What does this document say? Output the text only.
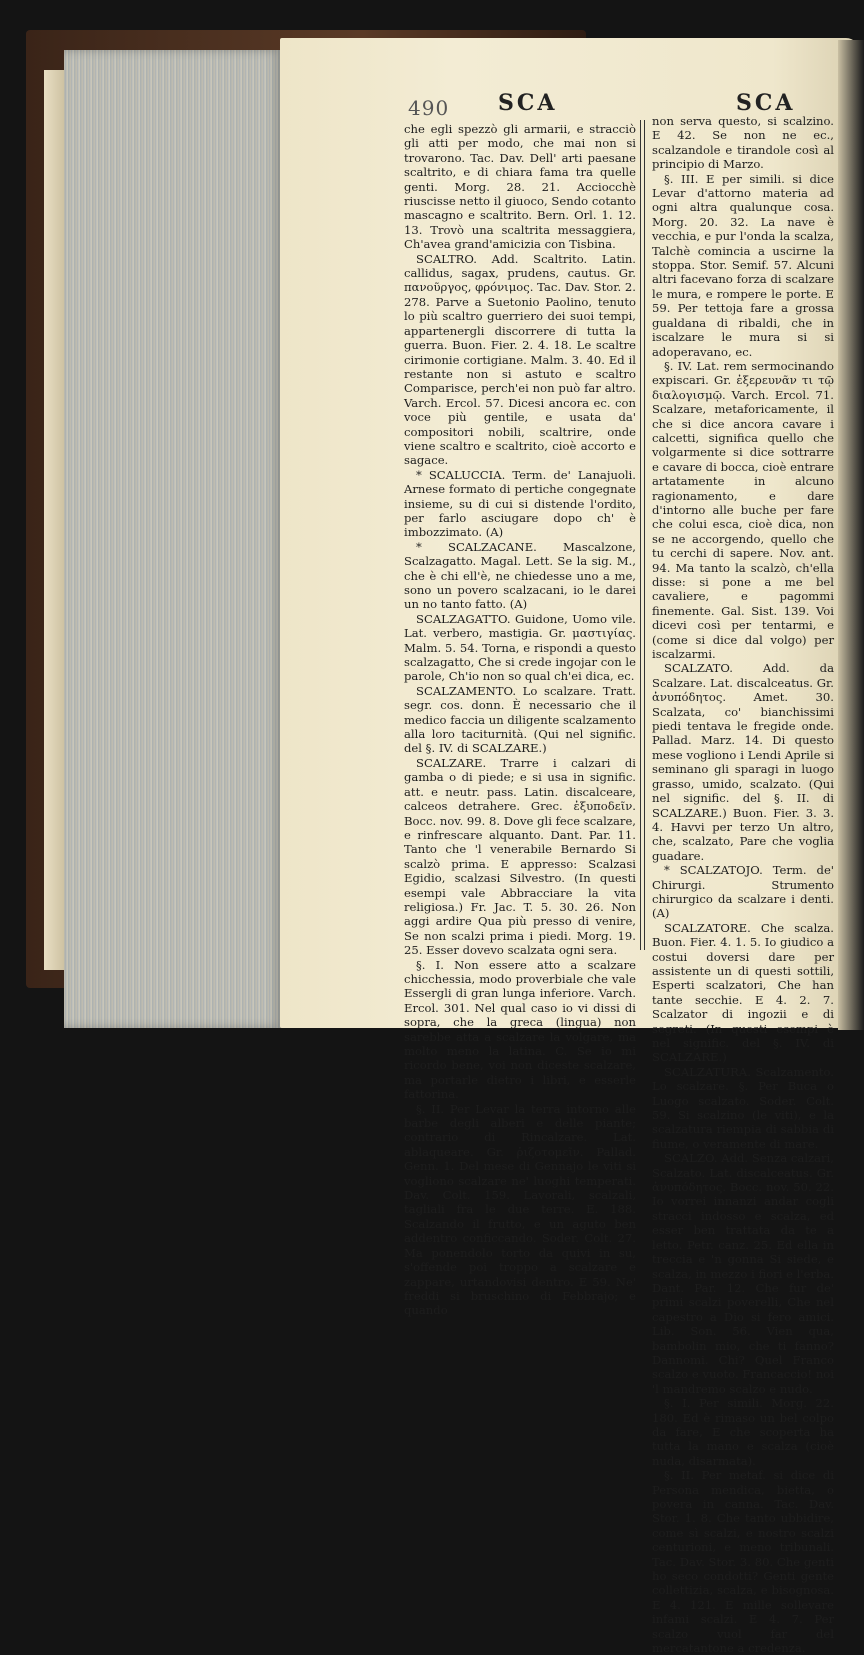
490 SCA	SCA

che egli spezzò gli armarii, e stracciò gli atti per modo, che mai non si trovarono. Tac. Dav. Dell' arti paesane scaltrito, e di chiara fama tra quelle genti. Morg. 28. 21. Acciocchè riuscisse netto il giuoco, Sendo cotanto mascagno e scaltrito. Bern. Orl. 1. 12. 13. Trovò una scaltrita messaggiera, Ch'avea grand'amicizia con Tisbina.

SCALTRO. Add. Scaltrito. Latin. callidus, sagax, prudens, cautus. Gr. πανοῦργος, φρόνιμος. Tac. Dav. Stor. 2. 278. Parve a Suetonio Paolino, tenuto lo più scaltro guerriero dei suoi tempi, appartenergli discorrere di tutta la guerra. Buon. Fier. 2. 4. 18. Le scaltre cirimonie cortigiane. Malm. 3. 40. Ed il restante non si astuto e scaltro Comparisce, perch'ei non può far altro. Varch. Ercol. 57. Dicesi ancora ec. con voce più gentile, e usata da' compositori nobili, scaltrire, onde viene scaltro e scaltrito, cioè accorto e sagace.

* SCALUCCIA. Term. de' Lanajuoli. Arnese formato di pertiche congegnate insieme, su di cui si distende l'ordito, per farlo asciugare dopo ch' è imbozzimato. (A)

* SCALZACANE. Mascalzone, Scalzagatto. Magal. Lett. Se la sig. M., che è chi ell'è, ne chiedesse uno a me, sono un povero scalzacani, io le darei un no tanto fatto. (A)

SCALZAGATTO. Guidone, Uomo vile. Lat. verbero, mastigia. Gr. μαστιγίας. Malm. 5. 54. Torna, e rispondi a questo scalzagatto, Che si crede ingojar con le parole, Ch'io non so qual ch'ei dica, ec.

SCALZAMENTO. Lo scalzare. Tratt. segr. cos. donn. È necessario che il medico faccia un diligente scalzamento alla loro taciturnità. (Qui nel signific. del §. IV. di SCALZARE.)

SCALZARE. Trarre i calzari di gamba o di piede; e si usa in signific. att. e neutr. pass. Latin. discalceare, calceos detrahere. Grec. ἐξυποδεῖν. Bocc. nov. 99. 8. Dove gli fece scalzare, e rinfrescare alquanto. Dant. Par. 11. Tanto che 'l venerabile Bernardo Si scalzò prima. E appresso: Scalzasi Egidio, scalzasi Silvestro. (In questi esempi vale Abbracciare la vita religiosa.) Fr. Jac. T. 5. 30. 26. Non aggi ardire Qua più presso di venire, Se non scalzi prima i piedi. Morg. 19. 25. Esser dovevo scalzata ogni sera.

§. I. Non essere atto a scalzare chicchessia, modo proverbiale che vale Essergli di gran lunga inferiore. Varch. Ercol. 301. Nel qual caso io vi dissi di sopra, che la greca (lingua) non sarebbe atta a scalzare la volgare, ma molto meno la latina. C. Se io mi ricordo bene, voi non diceste scalzare, ma portarle dietro i libri, e esserle fattorina.

§. II. Per Levar la terra intorno alle barbe degli alberi e delle piante; contrario di Rincalzare. Lat. ablaqueare. Gr. ῥιζοτομεῖν. Pallad. Genn. 1. Del mese di Gennajo le viti si vogliono scalzare ne' luoghi temperati. Dav. Colt. 159. Lavorali, scalzali, tagliali fra le due terre. E. 188. Scalzando il frutto, e un aguto ben addentro conficcando. Soder. Colt. 27. Ma ponendolo torto da quivi in su, s'offende poi troppo a scalzare e zappare, urtandovisi dentro. E 59. Ne' freddi si bruschino di Febbrajo; e quando

non serva questo, si scalzino. E 42. Se non ne ec., scalzandole e tirandole così al principio di Marzo.

§. III. E per simili. si dice Levar d'attorno materia ad ogni altra qualunque cosa. Morg. 20. 32. La nave è vecchia, e pur l'onda la scalza, Talchè comincia a uscirne la stoppa. Stor. Semif. 57. Alcuni altri facevano forza di scalzare le mura, e rompere le porte. E 59. Per tettoja fare a grossa gualdana di ribaldi, che in iscalzare le mura si si adoperavano, ec.

§. IV. Lat. rem sermocinando expiscari. Gr. ἐξερευνᾶν τι τῷ διαλογισμῷ. Varch. Ercol. 71. Scalzare, metaforicamente, il che si dice ancora cavare i calcetti, significa quello che volgarmente si dice sottrarre e cavare di bocca, cioè entrare artatamente in alcuno ragionamento, e dare d'intorno alle buche per fare che colui esca, cioè dica, non se ne accorgendo, quello che tu cerchi di sapere. Nov. ant. 94. Ma tanto la scalzò, ch'ella disse: si pone a me bel cavaliere, e pagommi finemente. Gal. Sist. 139. Voi dicevi così per tentarmi, e (come si dice dal volgo) per iscalzarmi.

SCALZATO. Add. da Scalzare. Lat. discalceatus. Gr. ἀνυπόδητος. Amet. 30. Scalzata, co' bianchissimi piedi tentava le fregide onde. Pallad. Marz. 14. Di questo mese vogliono i Lendi Aprile si seminano gli sparagi in luogo grasso, umido, scalzato. (Qui nel signific. del §. II. di SCALZARE.) Buon. Fier. 3. 3. 4. Havvi per terzo Un altro, che, scalzato, Pare che voglia guadare.

* SCALZATOJO. Term. de' Chirurgi. Strumento chirurgico da scalzare i denti. (A)

SCALZATORE. Che scalza. Buon. Fier. 4. 1. 5. Io giudico a costui doversi dare per assistente un di questi sottili, Esperti scalzatori, Che han tante secchie. E 4. 2. 7. Scalzator di ingozii e di segreti. (In questi esempi è nel signific. del §. IV. di SCALZARE.)

SCALZATURA. Scalzamento. Lo scalzare. §. Per Buca o Luogo scalzato. Soder. Colt. 59. Si scalzino (le viti), e la scalzatura riempia di sabbia di fiume, o veramente di mare.

SCALZO. Add. Senza calzari, Scalzato. Lat. discalceatus. Gr. ἀνυπόδητος. Bocc. nov. 50. 22. Io vorrei innanzi andar cogli stracci indosso e scalza, ed esser ben trattata da te a letto. Petr. canz. 25. Ed ella in treccia e 'n gonna Si siede, e scalza, in mezzo i fiori e l'erba. Dant. Par. 12. Che fur de' primi scalzi poverelli, Che nel capestro a Dio si fero amici. Lib. Son. 56. Vien qua, bambolin mio, che ti fanno? Dannomi. Chi? Quel Franco scalzo e vuoto. Francaccio! noi 'l mandremo scalzo e nudo.

§. I. Per simili. Morg. 22. 180. Ed è rimaso un bel colpo da fare, E che scoperta ha tutta la mano e scalza (cioè nuda, disarmata).

§. II. Per metaf. si dice di Persona mendica, bietta, o povera in canna. Tac. Dav. Stor. 1. 8. Che tanto ubbidire, come sì scalzi, e nostro scalzi centurioni, e meno tribunali. Tac. Dav. Stor. 3. 80. Che genti ho seco condotti? Genti gente collettizia, scalza, e bisognosa. E 4. 121. E mille sollevare infami scalzi. E 4. 7. Per scalzo vuol far del mercatantone a credenza.
